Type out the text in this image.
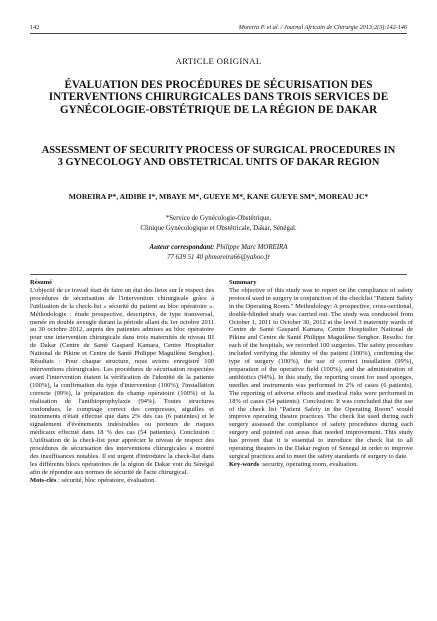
142	Moreira P. et al. / Journal Africain de Chirurgie 2013;2(3):142-146
ARTICLE ORIGINAL
ÉVALUATION DES PROCÉDURES DE SÉCURISATION DES INTERVENTIONS CHIRURGICALES DANS TROIS SERVICES DE GYNÉCOLOGIE-OBSTÉTRIQUE DE LA RÉGION DE DAKAR
ASSESSMENT OF SECURITY PROCESS OF SURGICAL PROCEDURES IN 3 GYNECOLOGY AND OBSTETRICAL UNITS OF DAKAR REGION
MOREIRA P*, AIDIBE I*, MBAYE M*, GUEYE M*, KANE GUEYE SM*, MOREAU JC*
*Service de Gynécologie-Obstétrique,
Clinique Gynécologique et Obstétricale, Dakar, Sénégal.
Auteur correspondant: Philippe Marc MOREIRA
77 639 51 40 phmoreira66@yahoo.fr

Résumé

L'objectif de ce travail était de faire un état des lieux sur le respect des procédures de sécurisation de l'intervention chirurgicale grâce à l'utilisation de la check-list « sécurité du patient au bloc opératoire ». Méthodologie : étude prospective, descriptive, de type transversal, menée en double aveugle durant la période allant du 1er octobre 2011 au 30 octobre 2012, auprès des patientes admises au bloc opératoire pour une intervention chirurgicale dans trois maternités de niveau III de Dakar (Centre de Santé Gaspard Kamara, Centre Hospitalier National de Pikine et Centre de Santé Philippe Maguilène Senghor). Résultats : Pour chaque structure, nous avions enregistré 100 interventions chirurgicales. Les procédures de sécurisation respectées avant l'intervention étaient la vérification de l'identité de la patiente (100%), la confirmation du type d'intervention (100%), l'installation correcte (99%), la préparation du champ opératoire (100%) et la réalisation de l'antibioprophylaxie (94%). Toutes structures confondues, le comptage correct des compresses, aiguilles et instruments n'était effectué que dans 2% des cas (6 patientes) et le signalement d'événements indésirables ou porteurs de risques médicaux effectué dans 18 % des cas (54 patientes). Conclusion : L'utilisation de la check-list pour apprécier le niveau de respect des procédures de sécurisation des interventions chirurgicales a montré des insuffisances notables. Il est urgent d'introduire la check-list dans les différents blocs opératoires de la région de Dakar voir du Sénégal afin de répondre aux normes de sécurité de l'acte chirurgical.

Mots-clés : sécurité, bloc opératoire, évaluation.

Summary

The objective of this study was to report on the compliance of safety protocol used in surgery in conjunction of the checklist "Patient Safety in the Operating Room." Methodology: A prospective, cross-sectional, double-blinded study was carried out. The study was conducted from October 1, 2011 to October 30, 2012 at the level 3 maternity wards of Centre de Santé Gaspard Kamara, Centre Hospitalier National de Pikine and Centre de Santé Philippe Maguilène Senghor. Results: for each of the hospitals, we recorded 100 surgeries. The safety procedure included verifying the identity of the patient (100%), confirming the type of surgery (100%), the use of correct installation (99%), preparation of the operative field (100%), and the administration of antibiotics (94%). In this study, the reporting count for used sponges, needles and instruments was performed in 2% of cases (6 patients). The reporting of adverse effects and medical risks were performed in 18% of cases (54 patients). Conclusion: It was concluded that the use of the check list "Patient Safety in the Operating Room" would improve operating theatre practices. The check list used during each surgery assessed the compliance of safety procedures during each surgery and pointed out areas that needed improvement. This study has proven that it is essential to introduce the check list to all operating theaters in the Dakar region of Senegal in order to improve surgical practices and to meet the safety standards of surgery to date.

Key-words :security, operating room, evaluation.
